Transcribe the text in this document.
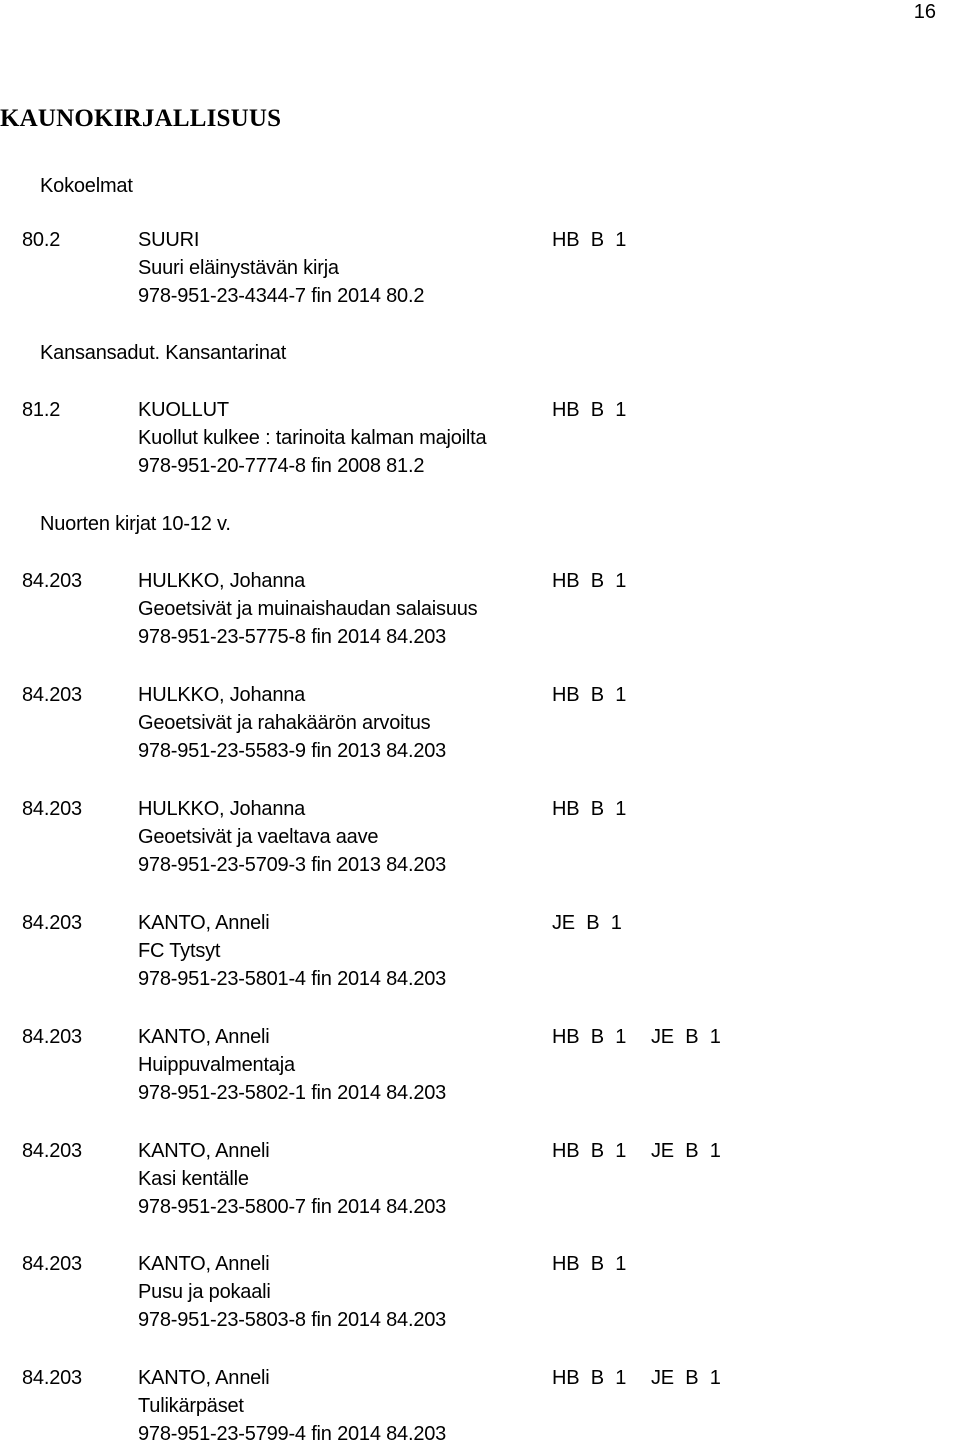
16
KAUNOKIRJALLISUUS
Kokoelmat
80.2	SUURI	HB B 1
Suuri eläinystävän kirja
978-951-23-4344-7 fin 2014 80.2
Kansansadut. Kansantarinat
81.2	KUOLLUT	HB B 1
Kuollut kulkee : tarinoita kalman majoilta
978-951-20-7774-8 fin 2008 81.2
Nuorten kirjat 10-12 v.
84.203	HULKKO, Johanna	HB B 1
Geoetsivät ja muinaishaudan salaisuus
978-951-23-5775-8 fin 2014 84.203
84.203	HULKKO, Johanna	HB B 1
Geoetsivät ja rahakäärön arvoitus
978-951-23-5583-9 fin 2013 84.203
84.203	HULKKO, Johanna	HB B 1
Geoetsivät ja vaeltava aave
978-951-23-5709-3 fin 2013 84.203
84.203	KANTO, Anneli	JE B 1
FC Tytsyt
978-951-23-5801-4 fin 2014 84.203
84.203	KANTO, Anneli	HB B 1 JE B 1
Huippuvalmentaja
978-951-23-5802-1 fin 2014 84.203
84.203	KANTO, Anneli	HB B 1 JE B 1
Kasi kentälle
978-951-23-5800-7 fin 2014 84.203
84.203	KANTO, Anneli	HB B 1
Pusu ja pokaali
978-951-23-5803-8 fin 2014 84.203
84.203	KANTO, Anneli	HB B 1 JE B 1
Tulikärpäset
978-951-23-5799-4 fin 2014 84.203
